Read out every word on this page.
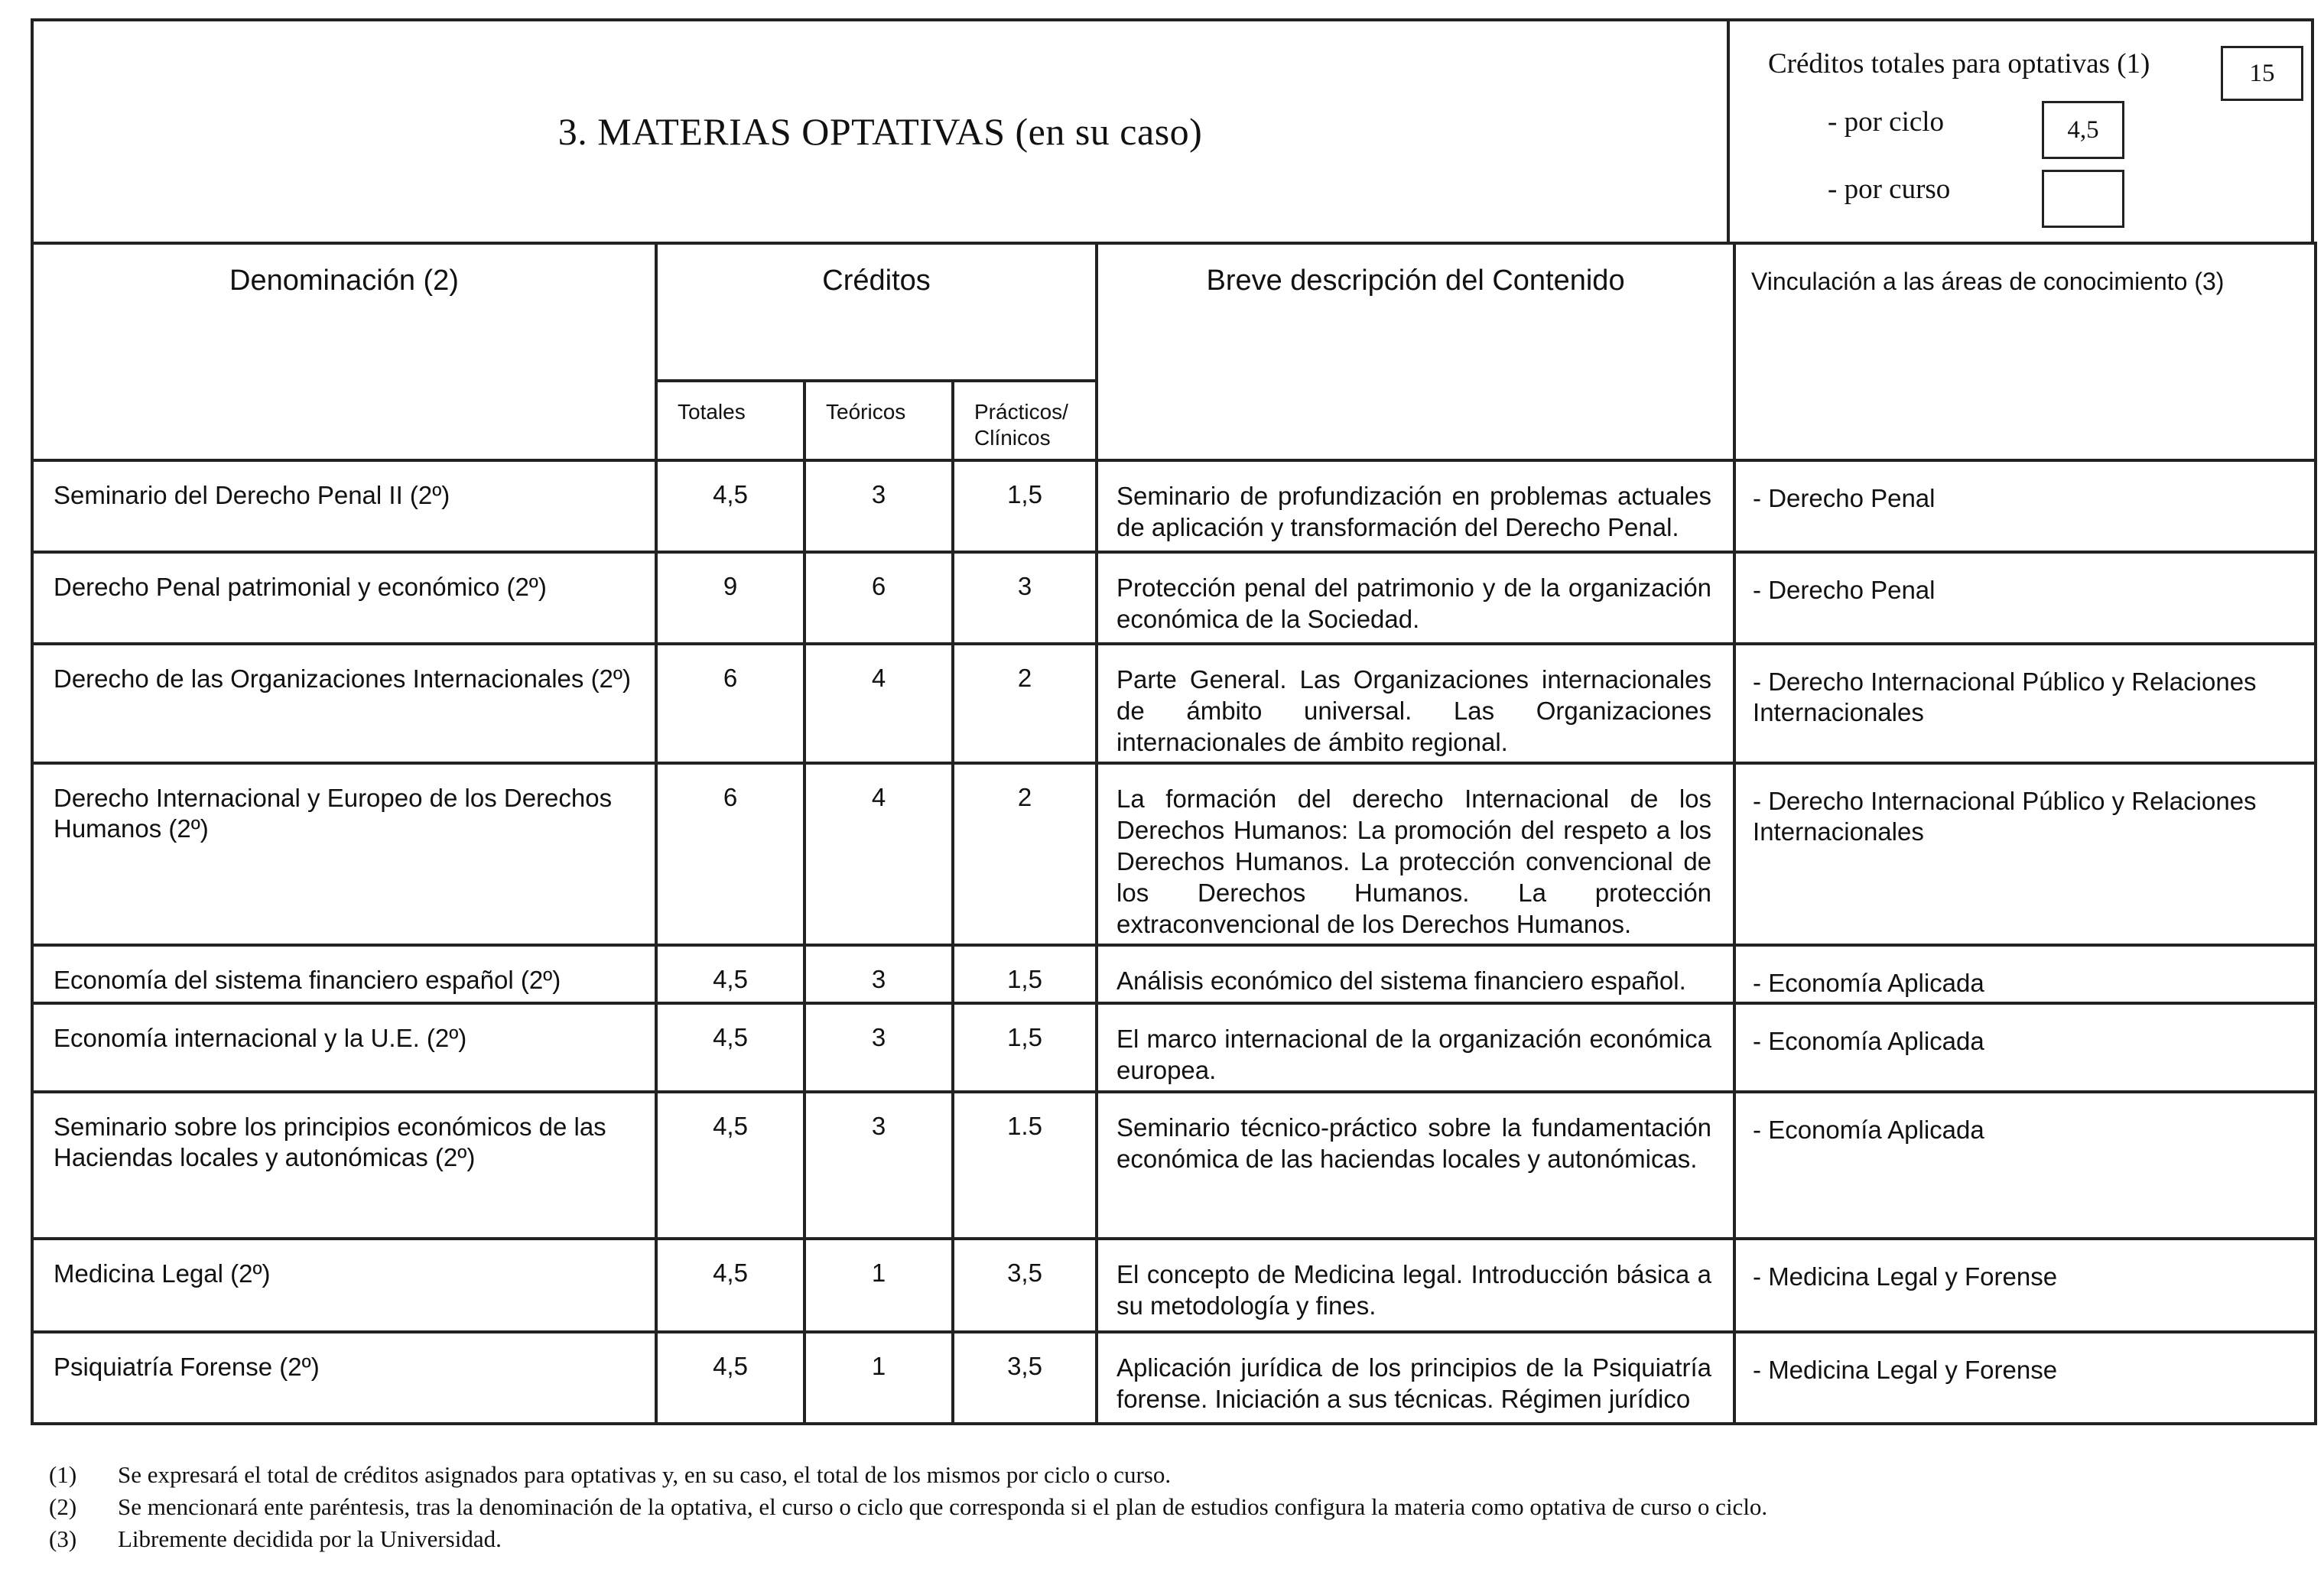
3. MATERIAS OPTATIVAS (en su caso)
Créditos totales para optativas (1)	15
- por ciclo	4,5
- por curso
Denominación (2)	Créditos			Breve descripción del Contenido	Vinculación a las áreas de conocimiento (3)
	Totales	Teóricos	Prácticos/ Clínicos		
Seminario del Derecho Penal II (2º)	4,5	3	1,5	Seminario de profundización en problemas actuales de aplicación y transformación del Derecho Penal.	- Derecho Penal
Derecho Penal patrimonial y económico (2º)	9	6	3	Protección penal del patrimonio y de la organización económica de la Sociedad.	- Derecho Penal
Derecho de las Organizaciones Internacionales (2º)	6	4	2	Parte General. Las Organizaciones internacionales de ámbito universal. Las Organizaciones internacionales de ámbito regional.	- Derecho Internacional Público y Relaciones Internacionales
Derecho Internacional y Europeo de los Derechos Humanos (2º)	6	4	2	La formación del derecho Internacional de los Derechos Humanos: La promoción del respeto a los Derechos Humanos. La protección convencional de los Derechos Humanos. La protección extraconvencional de los Derechos Humanos.	- Derecho Internacional Público y Relaciones Internacionales
Economía del sistema financiero español (2º)	4,5	3	1,5	Análisis económico del sistema financiero español.	- Economía Aplicada
Economía internacional y la U.E. (2º)	4,5	3	1,5	El marco internacional de la organización económica europea.	- Economía Aplicada
Seminario sobre los principios económicos de las Haciendas locales y autonómicas (2º)	4,5	3	1.5	Seminario técnico-práctico sobre la fundamentación económica de las haciendas locales y autonómicas.	- Economía Aplicada
Medicina Legal (2º)	4,5	1	3,5	El concepto de Medicina legal. Introducción básica a su metodología y fines.	- Medicina Legal y Forense
Psiquiatría Forense (2º)	4,5	1	3,5	Aplicación jurídica de los principios de la Psiquiatría forense. Iniciación a sus técnicas. Régimen jurídico	- Medicina Legal y Forense
(1)	Se expresará el total de créditos asignados para optativas y, en su caso, el total de los mismos por ciclo o curso.
(2)	Se mencionará ente paréntesis, tras la denominación de la optativa, el curso o ciclo que corresponda si el plan de estudios configura la materia como optativa de curso o ciclo.
(3)	Libremente decidida por la Universidad.
